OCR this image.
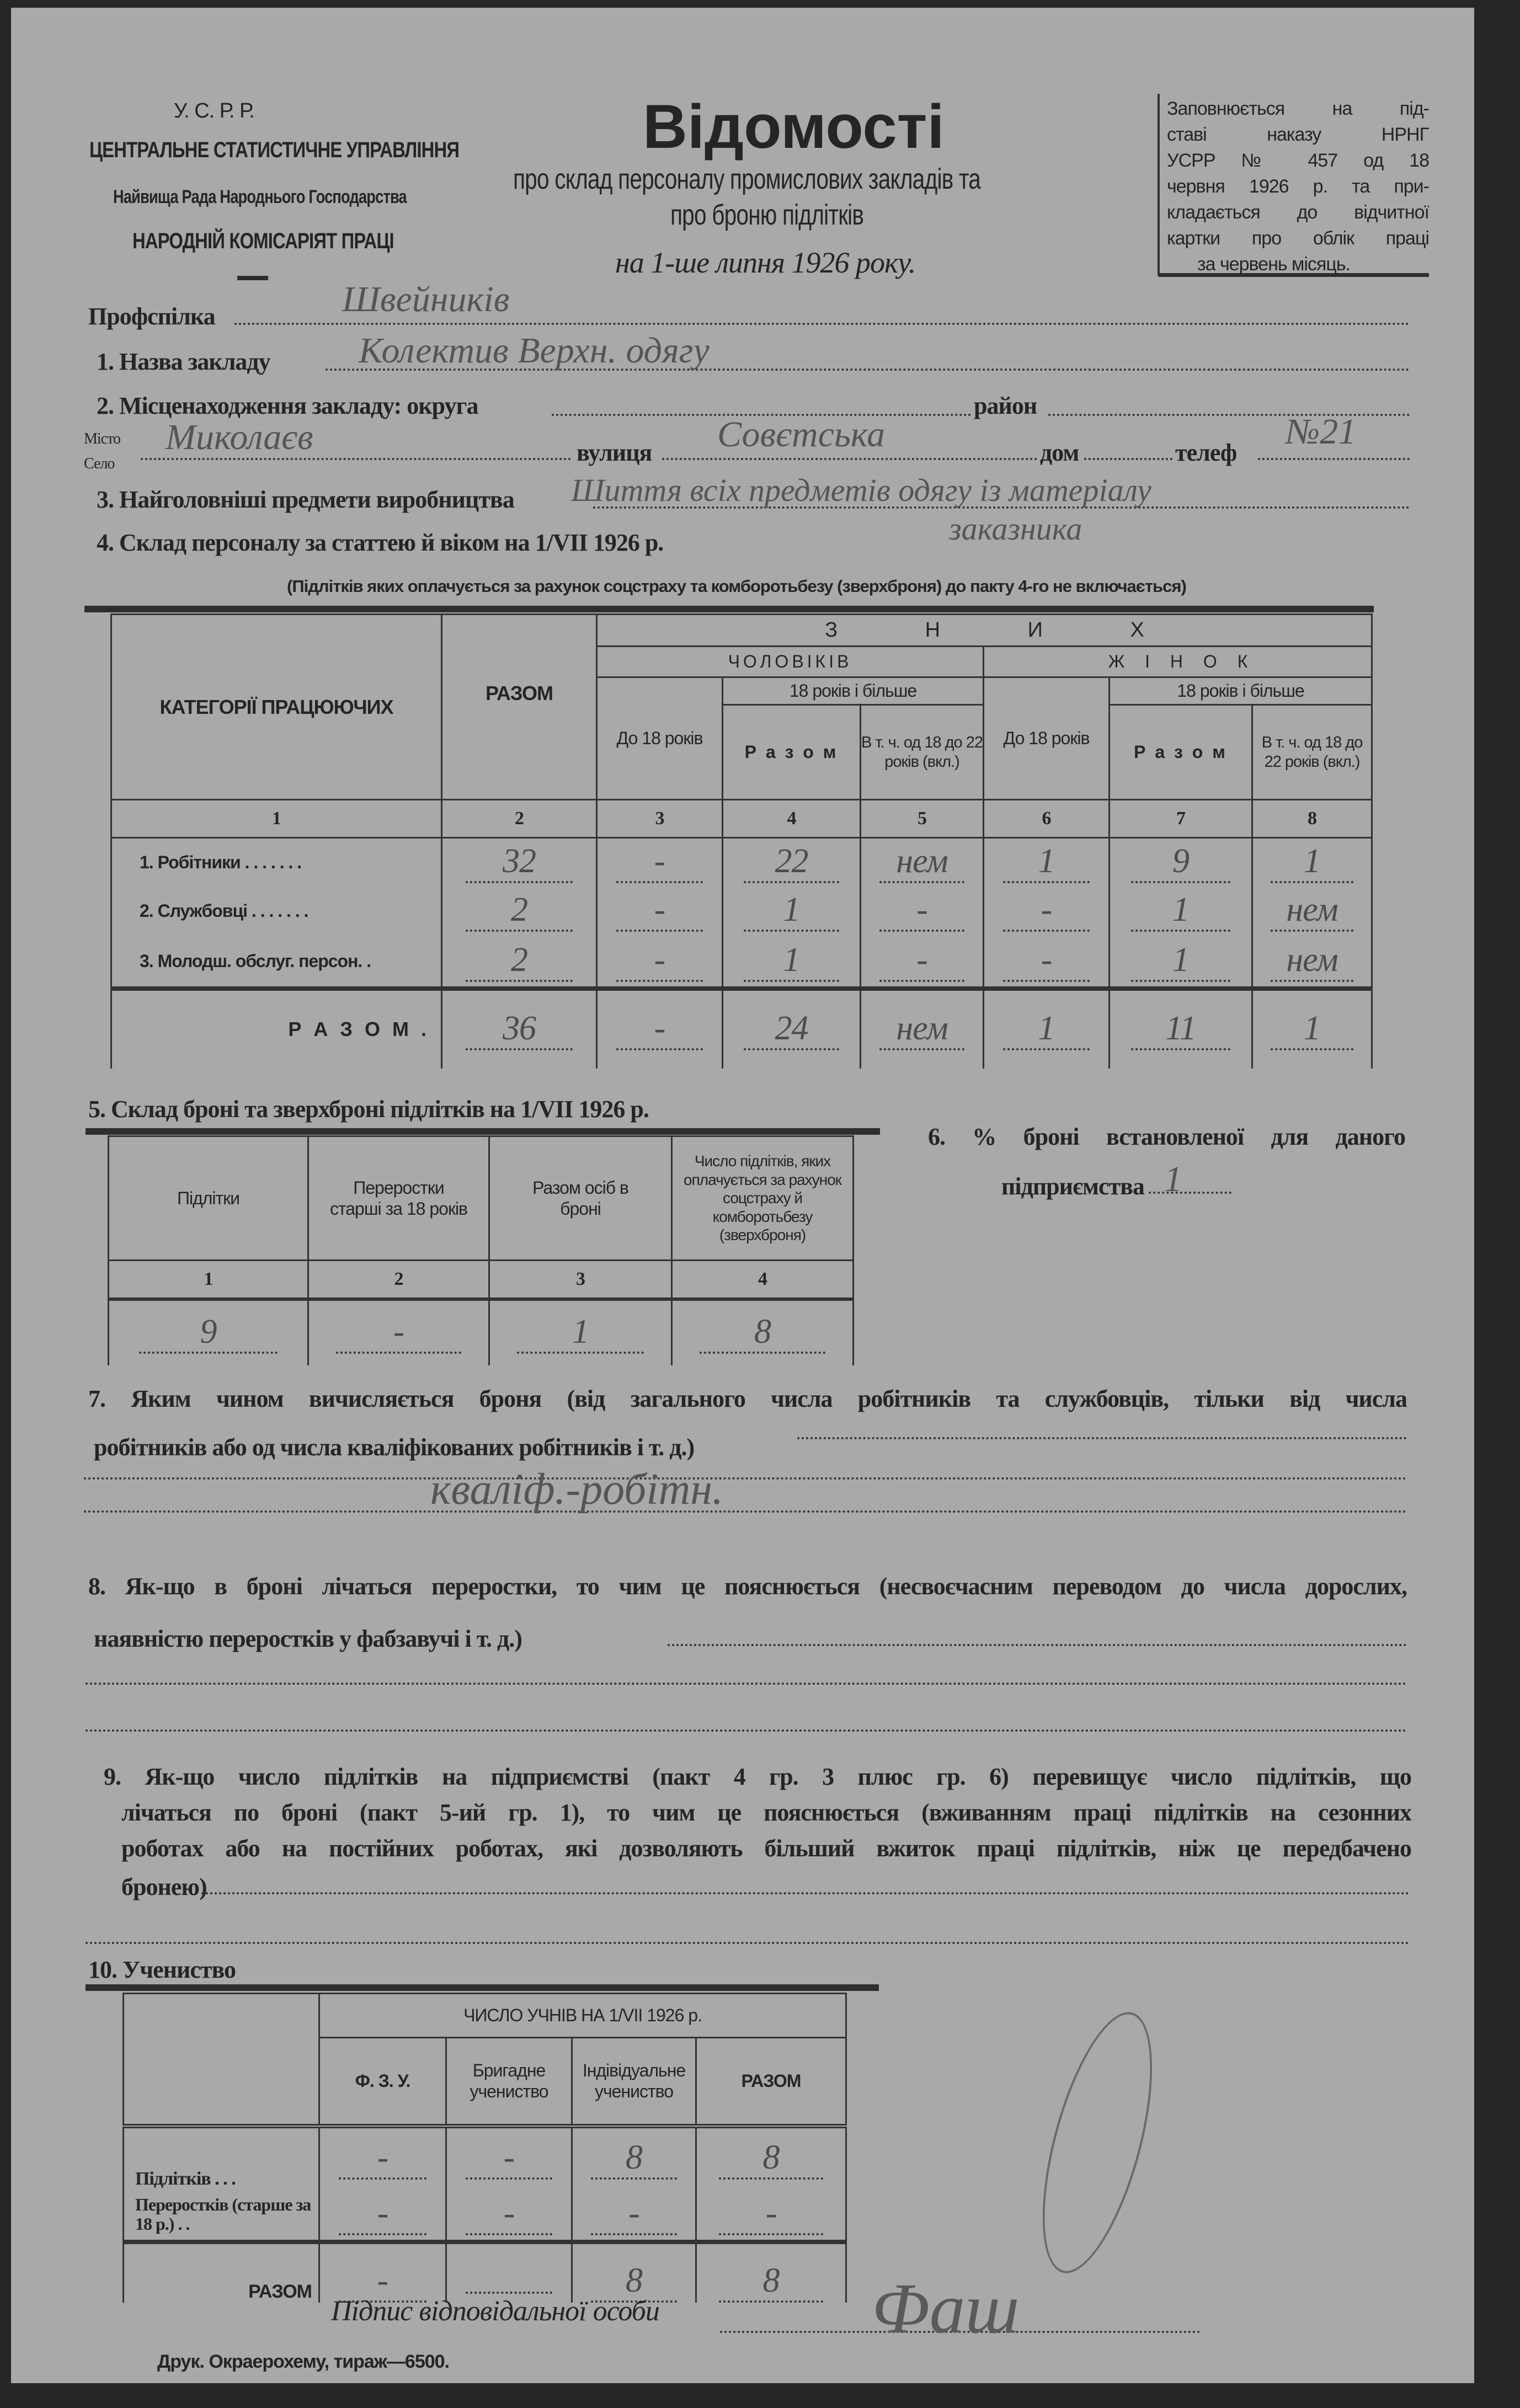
У. С. Р. Р.
ЦЕНТРАЛЬНЕ СТАТИСТИЧНЕ УПРАВЛІННЯ
Найвища Рада Народнього Господарства
НАРОДНІЙ КОМІСАРІЯТ ПРАЦІ
Відомості
про склад персоналу промислових закладів та
про броню підлітків
на 1-ше липня 1926 року.
Заповнюється на під-
ставі наказу НРНГ
УСРР № 457 од 18
червня 1926 р. та при-
кладається до відчитної
картки про облік праці
за червень місяць.
Профспілка	Швейників
1. Назва закладу Колектив Верхн. одягу
2. Місценаходження закладу: округа	район
Місто
Село
Миколаєв	вулиця Совєтська	дом	телеф
№21
3. Найголовніші предмети виробництва Шиття всіх предметів одягу із матеріалу
заказника
4. Склад персоналу за статтею й віком на 1/VII 1926 р.
(Підлітків яких оплачується за рахунок соцстраху та комборотьбезу (зверхброня) до пакту 4-го не включається)
КАТЕГОРІЇ ПРАЦЮЮЧИХ	РАЗОМ	З Н И Х					
		ЧОЛОВІКІВ			Ж І Н О К		
		До 18 років	18 років і більше		До 18 років	18 років і більше	
			Р а з о м	В т. ч. од 18 до 22 років (вкл.)		Р а з о м	В т. ч. од 18 до 22 років (вкл.)
1	2	3	4	5	6	7	8
1. Робітники . . . . . . .	32	-	22	нем	1	9	1
2. Службовці . . . . . . .	2	-	1	-	-	1	нем
3. Молодш. обслуг. персон. .	2	-	1	-	-	1	нем
Р А З О М .	36	-	24	нем	1	11	1
5. Склад броні та зверхброні підлітків на 1/VII 1926 р.
Підлітки	Переростки старші за 18 років	Разом осіб в броні	Число підлітків, яких оплачується за рахунок соцстраху й комборотьбезу (зверхброня)
1	2	3	4
9	-	1	8
6. % броні встановленої для даного
підприємства 1
7. Яким чином вичисляється броня (від загального числа робітників та службовців, тільки від числа
робітників або од числа кваліфікованих робітників і т. д.)
кваліф.-робітн.
8. Як-що в броні лічаться переростки, то чим це пояснюється (несвоєчасним переводом до числа дорослих,
наявністю переростків у фабзавучі і т. д.)
9. Як-що число підлітків на підприємстві (пакт 4 гр. 3 плюс гр. 6) перевищує число підлітків, що
лічаться по броні (пакт 5-ий гр. 1), то чим це пояснюється (вживанням праці підлітків на сезонних
роботах або на постійних роботах, які дозволяють більший вжиток праці підлітків, ніж це передбачено
бронею)
10. Учениство
	ЧИСЛО УЧНІВ НА 1/VII 1926 р.			
	Ф. З. У.	Бригадне учениство	Індівідуальне учениство	РАЗОМ
Підлітків . . .	-	-	8	8
Переростків (старше за 18 р.) . .	-	-	-	-
РАЗОМ	-		8	8
Підпис відповідальної особи	Фаш
Друк. Окраерохему, тираж—6500.
